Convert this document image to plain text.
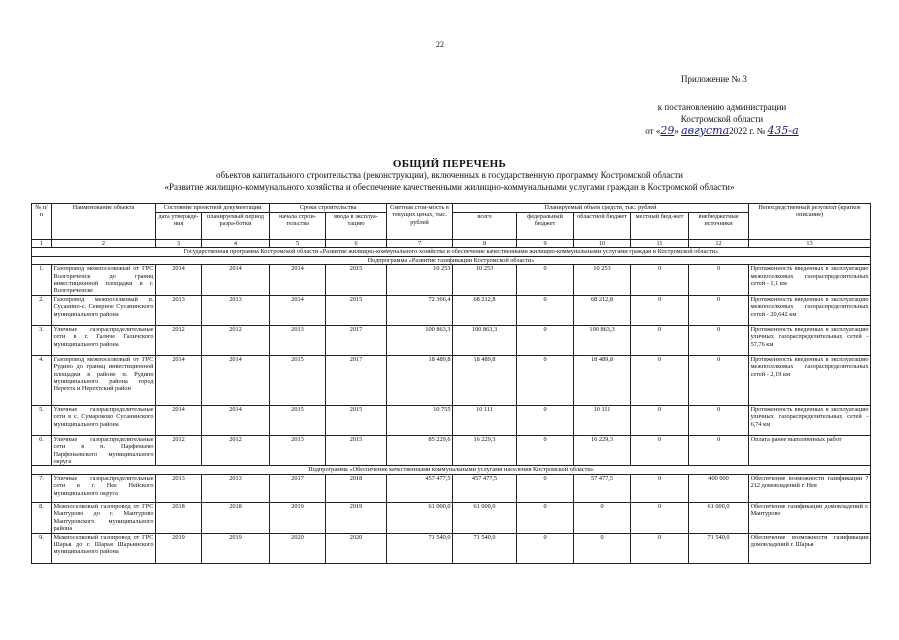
22
Приложение № 3
к постановлению администрации
Костромской области
от «29» августа2022 г. № 435-а
ОБЩИЙ ПЕРЕЧЕНЬ
объектов капитального строительства (реконструкции), включенных в государственную программу Костромской области
«Развитие жилищно-коммунального хозяйства и обеспечение качественными жилищно-коммунальными услугами граждан в Костромской области»
№ п/п	Наименование объекта	Состояние проектной документации		Сроки строительства		Сметная стои-мость в текущих ценах, тыс. рублей	Планируемый объем средств, тыс. рублей					Непосредственный результат (краткое описание)
		дата утвержде-ния	планируемый период разра-ботки	начала строи-тельства	ввода в эксплуа-тацию		всего	федеральный бюджет	областной бюджет	местный бюд-жет	внебюджетные источники	
1	2	3	4	5	6	7	8	9	10	11	12	13
Государственная программа Костромской области «Развитие жилищно-коммунального хозяйства и обеспечение качественными жилищно-коммунальными услугами граждан в Костромской области»												
Подпрограмма «Развитие газификации Костромской области»												
1.	Газопровод межпоселковый от ГРС Волгореченск до границ инвестиционной площадки в г. Волгореченске	2014	2014	2014	2015	10 253	10 253	0	10 253	0	0	Протяженность введенных в эксплуатацию межпоселковых газораспределительных сетей - 1,1 км
2.	Газопровод межпоселковый п. Сусанино-с. Северное Сусанинского муниципального района	2013	2013	2014	2015	72 366,4	68 212,8	0	68 212,8	0	0	Протяженность введенных в эксплуатацию межпоселковых газораспределительных сетей - 20,642 км
3.	Уличные газораспределительные сети в г. Галиче Галичского муниципального района	2012	2012	2013	2017	100 863,3	100 863,3	0	100 863,3	0	0	Протяженность введенных в эксплуатацию уличных газораспределительных сетей - 57,76 км
4.	Газопровод межпоселковый от ГРС Рудино до границ инвестиционной площадки в районе п. Рудино муниципального района город Нерехта и Нерехтский район	2014	2014	2015	2017	18 489,8	18 489,8	0	18 489,8	0	0	Протяженность введенных в эксплуатацию межпоселковых газораспределительных сетей - 2,19 км
5.	Уличные газораспределительные сети в с. Сумароково Сусанинского муниципального района	2014	2014	2015	2015	10 755	10 111	0	10 111	0	0	Протяженность введенных в эксплуатацию уличных газораспределительных сетей - 6,74 км
6.	Уличные газораспределительные сети в п. Парфеньево Парфеньевского муниципального округа	2012	2012	2013	2015	85 229,6	16 229,3	0	16 229,3	0	0	Оплата ранее выполненных работ
Подпрограмма «Обеспечение качественными коммунальными услугами населения Костромской области»												
7.	Уличные газораспределительные сети в г. Нее Нейского муниципального округа	2013	2013	2017	2018	457 477,5	457 477,5	0	57 477,5	0	400 000	Обеспечение возможности газификации 7 212 домовладений г. Нея
8.	Межпоселковый газопровод от ГРС Мантурово до г. Мантурово Мантуровского муниципального района	2018	2018	2019	2019	61 000,0	61 000,0	0	0	0	61 000,0	Обеспечение газификации домовладений г. Мантурово
9.	Межпоселковый газопровод от ГРС Шарья до г. Шарья Шарьинского муниципального района	2019	2019	2020	2020	71 540,0	71 540,0	0	0	0	71 540,0	Обеспечение возможности газификации домовладений г. Шарья
